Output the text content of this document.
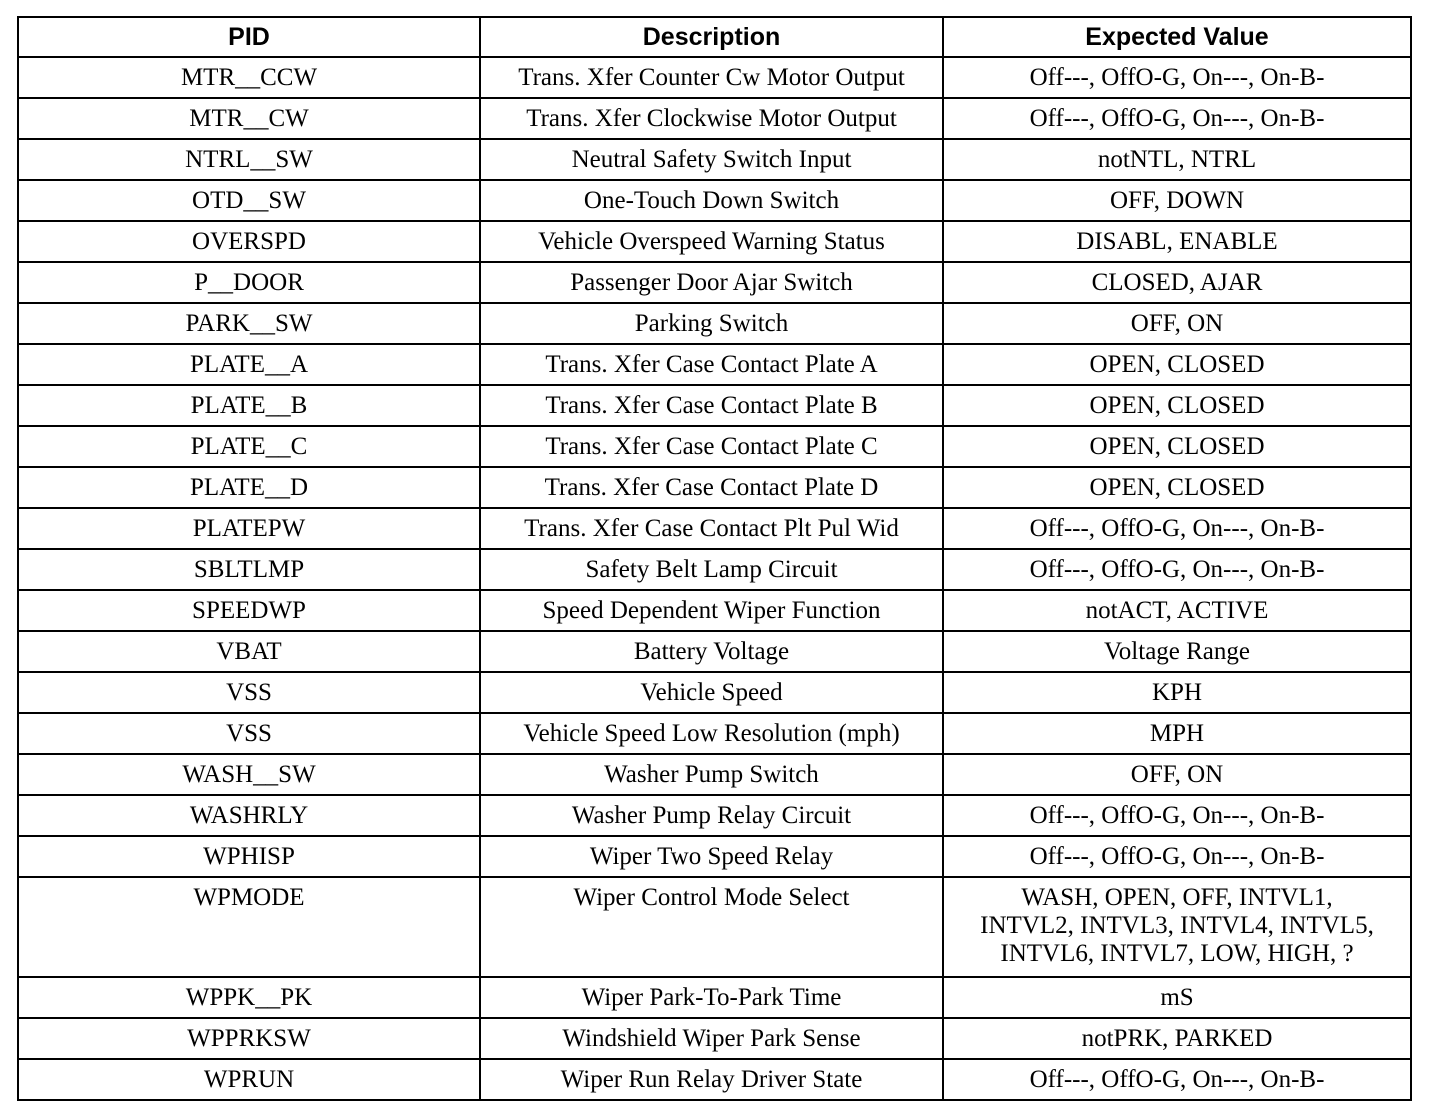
PID	Description	Expected Value
MTR__CCW	Trans. Xfer Counter Cw Motor Output	Off---, OffO-G, On---, On-B-
MTR__CW	Trans. Xfer Clockwise Motor Output	Off---, OffO-G, On---, On-B-
NTRL__SW	Neutral Safety Switch Input	notNTL, NTRL
OTD__SW	One-Touch Down Switch	OFF, DOWN
OVERSPD	Vehicle Overspeed Warning Status	DISABL, ENABLE
P__DOOR	Passenger Door Ajar Switch	CLOSED, AJAR
PARK__SW	Parking Switch	OFF, ON
PLATE__A	Trans. Xfer Case Contact Plate A	OPEN, CLOSED
PLATE__B	Trans. Xfer Case Contact Plate B	OPEN, CLOSED
PLATE__C	Trans. Xfer Case Contact Plate C	OPEN, CLOSED
PLATE__D	Trans. Xfer Case Contact Plate D	OPEN, CLOSED
PLATEPW	Trans. Xfer Case Contact Plt Pul Wid	Off---, OffO-G, On---, On-B-
SBLTLMP	Safety Belt Lamp Circuit	Off---, OffO-G, On---, On-B-
SPEEDWP	Speed Dependent Wiper Function	notACT, ACTIVE
VBAT	Battery Voltage	Voltage Range
VSS	Vehicle Speed	KPH
VSS	Vehicle Speed Low Resolution (mph)	MPH
WASH__SW	Washer Pump Switch	OFF, ON
WASHRLY	Washer Pump Relay Circuit	Off---, OffO-G, On---, On-B-
WPHISP	Wiper Two Speed Relay	Off---, OffO-G, On---, On-B-
WPMODE	Wiper Control Mode Select	WASH, OPEN, OFF, INTVL1,
INTVL2, INTVL3, INTVL4, INTVL5,
INTVL6, INTVL7, LOW, HIGH, ?

WPPK__PK	Wiper Park-To-Park Time	mS
WPPRKSW	Windshield Wiper Park Sense	notPRK, PARKED
WPRUN	Wiper Run Relay Driver State	Off---, OffO-G, On---, On-B-
